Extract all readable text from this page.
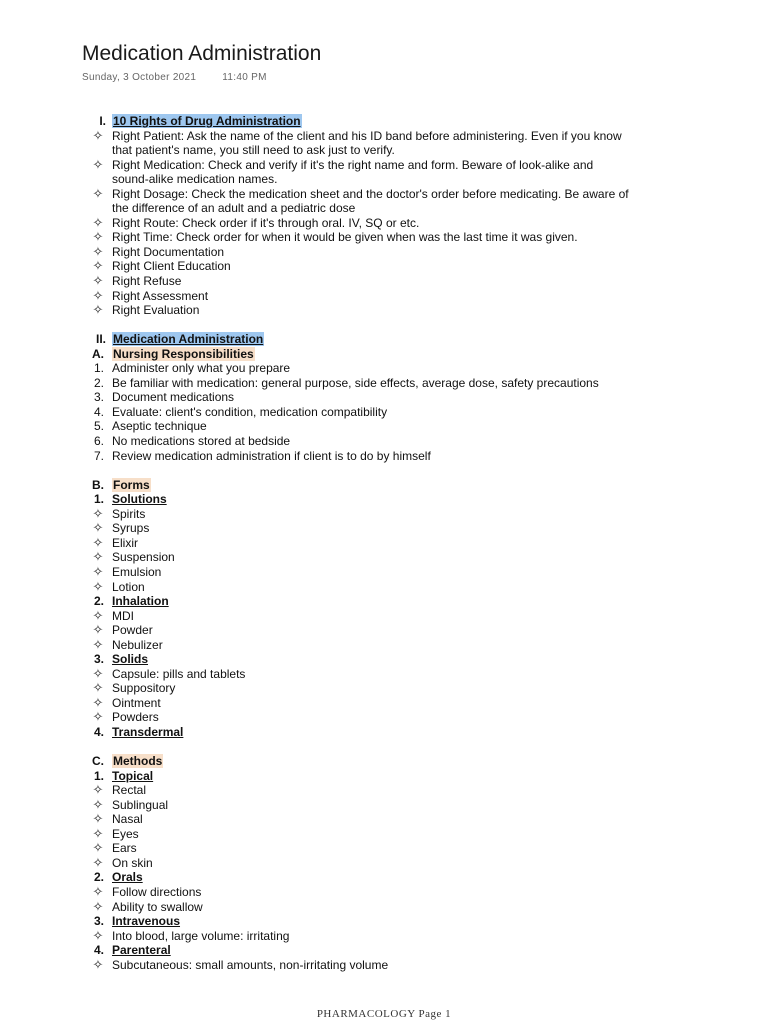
Medication Administration
Sunday, 3 October 2021	11:40 PM
I. 10 Rights of Drug Administration
✧ Right Patient: Ask the name of the client and his ID band before administering. Even if you know
that patient's name, you still need to ask just to verify.
✧ Right Medication: Check and verify if it's the right name and form. Beware of look-alike and
sound-alike medication names.
✧ Right Dosage: Check the medication sheet and the doctor's order before medicating. Be aware of
the difference of an adult and a pediatric dose
✧ Right Route: Check order if it's through oral. IV, SQ or etc.
✧ Right Time: Check order for when it would be given when was the last time it was given.
✧ Right Documentation
✧ Right Client Education
✧ Right Refuse
✧ Right Assessment
✧ Right Evaluation
II. Medication Administration
A. Nursing Responsibilities
1. Administer only what you prepare
2. Be familiar with medication: general purpose, side effects, average dose, safety precautions
3. Document medications
4. Evaluate: client's condition, medication compatibility
5. Aseptic technique
6. No medications stored at bedside
7. Review medication administration if client is to do by himself
B. Forms
1. Solutions
✧ Spirits
✧ Syrups
✧ Elixir
✧ Suspension
✧ Emulsion
✧ Lotion
2. Inhalation
✧ MDI
✧ Powder
✧ Nebulizer
3. Solids
✧ Capsule: pills and tablets
✧ Suppository
✧ Ointment
✧ Powders
4. Transdermal
C. Methods
1. Topical
✧ Rectal
✧ Sublingual
✧ Nasal
✧ Eyes
✧ Ears
✧ On skin
2. Orals
✧ Follow directions
✧ Ability to swallow
3. Intravenous
✧ Into blood, large volume: irritating
4. Parenteral
✧ Subcutaneous: small amounts, non-irritating volume
PHARMACOLOGY Page 1
